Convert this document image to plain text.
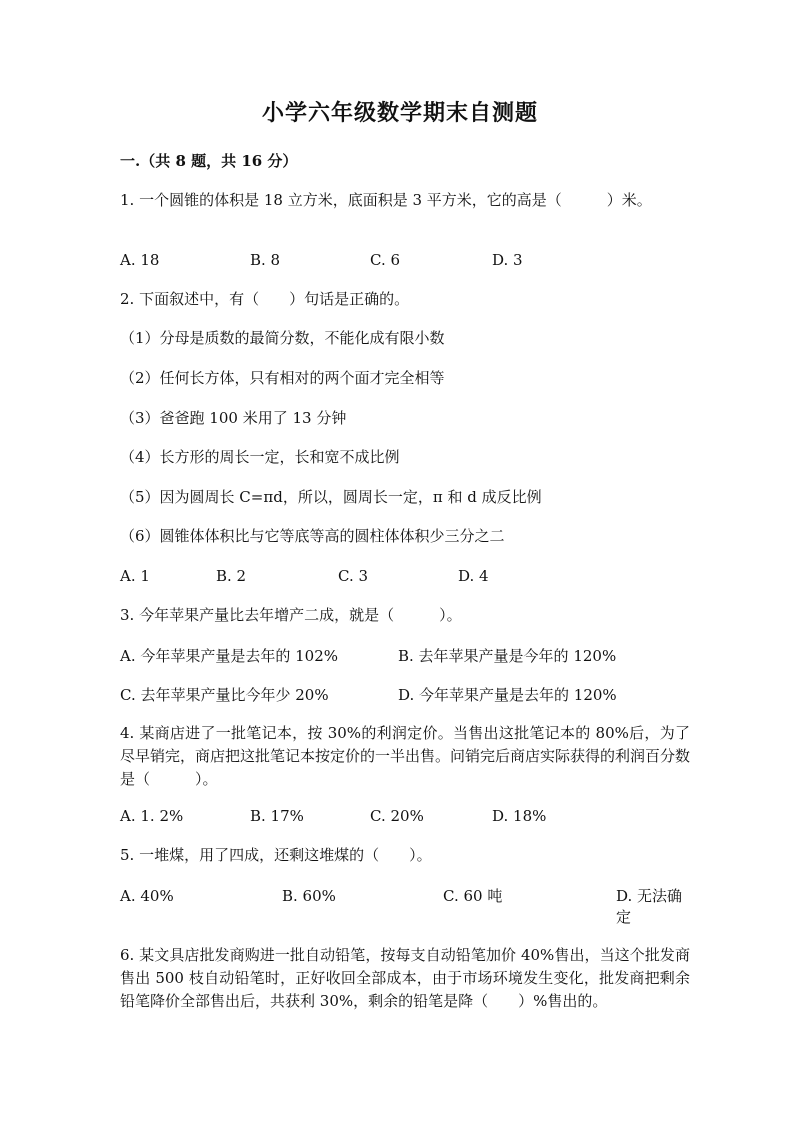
小学六年级数学期末自测题
一.（共 8 题，共 16 分）
1. 一个圆锥的体积是 18 立方米，底面积是 3 平方米，它的高是（　　　）米。
A. 18	B. 8	C. 6	D. 3
2. 下面叙述中，有（　　）句话是正确的。
（1）分母是质数的最简分数，不能化成有限小数
（2）任何长方体，只有相对的两个面才完全相等
（3）爸爸跑 100 米用了 13 分钟
（4）长方形的周长一定，长和宽不成比例
（5）因为圆周长 C=πd，所以，圆周长一定，π 和 d 成反比例
（6）圆锥体体积比与它等底等高的圆柱体体积少三分之二
A. 1	B. 2	C. 3	D. 4
3. 今年苹果产量比去年增产二成，就是（　　　）。
A. 今年苹果产量是去年的 102%	B. 去年苹果产量是今年的 120%
C. 去年苹果产量比今年少 20%	D. 今年苹果产量是去年的 120%
4. 某商店进了一批笔记本，按 30%的利润定价。当售出这批笔记本的 80%后，为了尽早销完，商店把这批笔记本按定价的一半出售。问销完后商店实际获得的利润百分数是（　　　）。
A. 1. 2%	B. 17%	C. 20%	D. 18%
5. 一堆煤，用了四成，还剩这堆煤的（　　）。
A. 40%	B. 60%	C. 60 吨	D. 无法确定
6. 某文具店批发商购进一批自动铅笔，按每支自动铅笔加价 40%售出，当这个批发商售出 500 枝自动铅笔时，正好收回全部成本，由于市场环境发生变化，批发商把剩余铅笔降价全部售出后，共获利 30%，剩余的铅笔是降（　　）%售出的。
